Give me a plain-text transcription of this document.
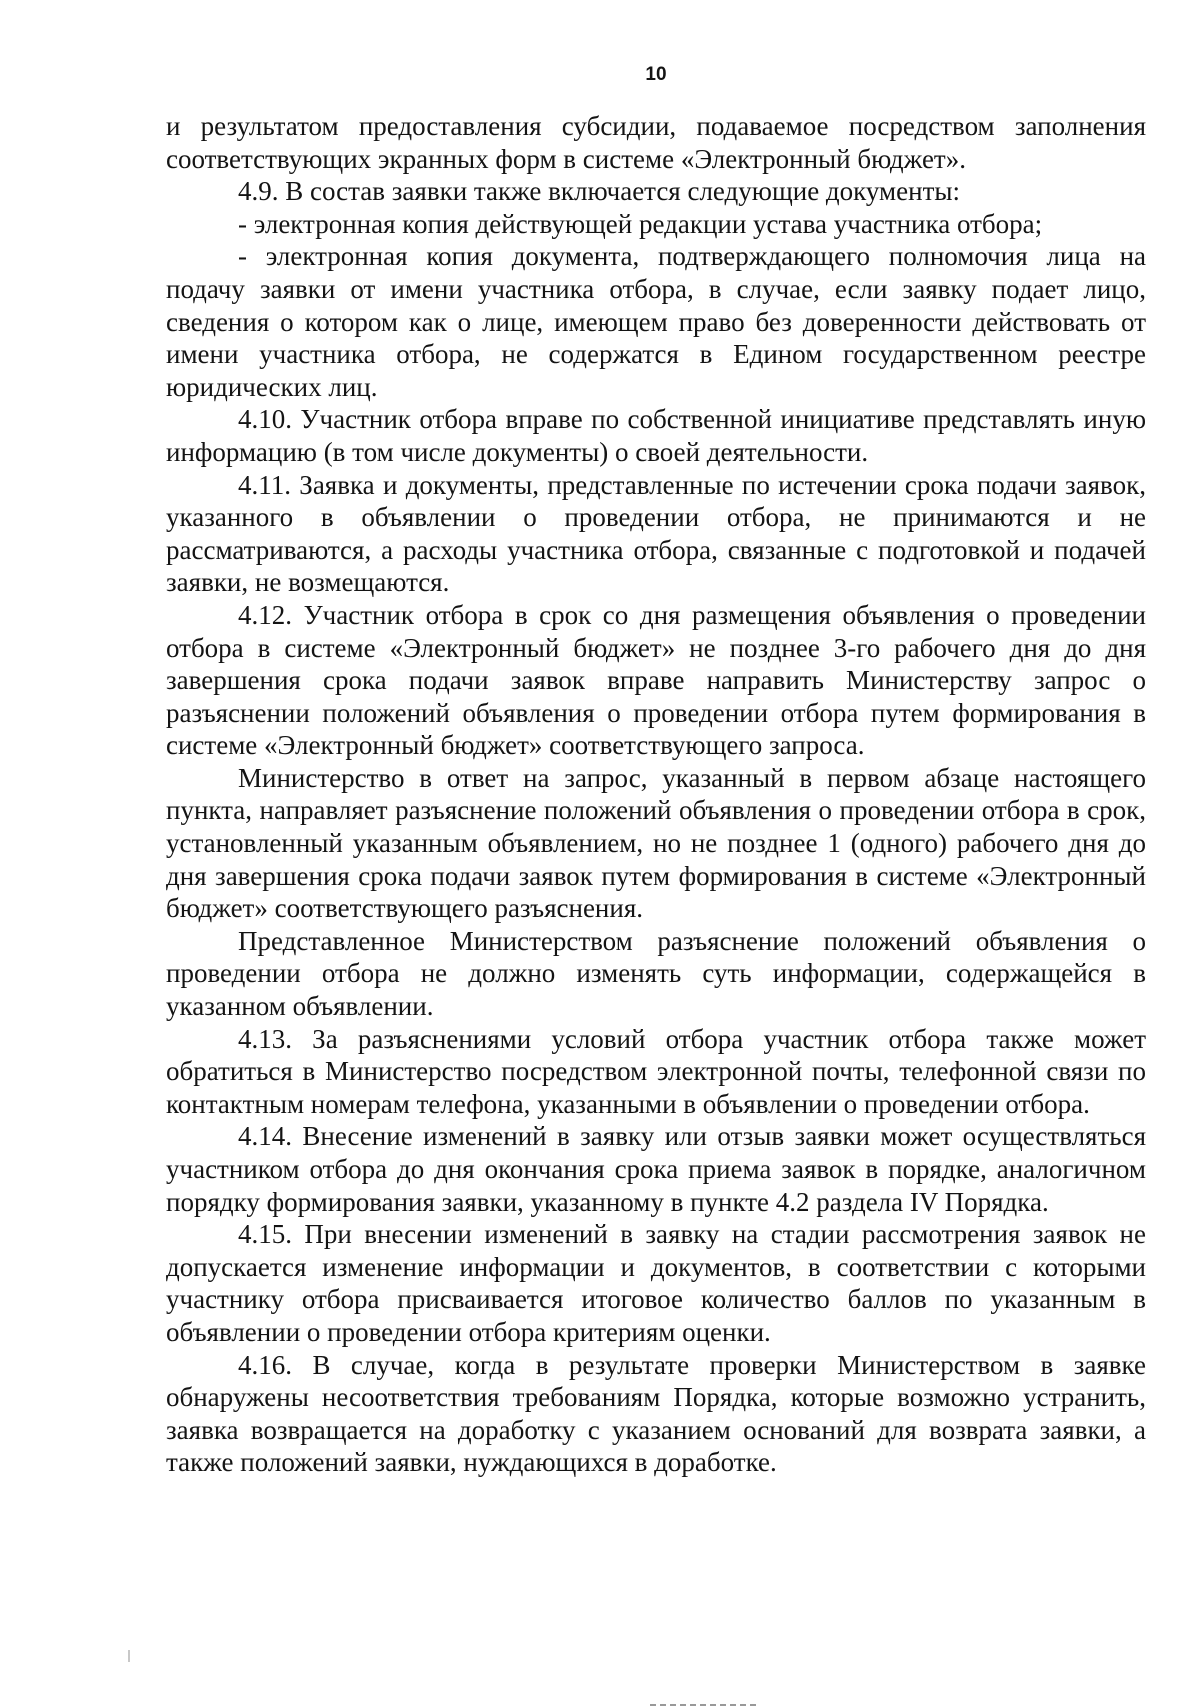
10

и результатом предоставления субсидии, подаваемое посредством заполнения соответствующих экранных форм в системе «Электронный бюджет».

4.9. В состав заявки также включается следующие документы:

- электронная копия действующей редакции устава участника отбора;

- электронная копия документа, подтверждающего полномочия лица на подачу заявки от имени участника отбора, в случае, если заявку подает лицо, сведения о котором как о лице, имеющем право без доверенности действовать от имени участника отбора, не содержатся в Едином государственном реестре юридических лиц.

4.10. Участник отбора вправе по собственной инициативе представлять иную информацию (в том числе документы) о своей деятельности.

4.11. Заявка и документы, представленные по истечении срока подачи заявок, указанного в объявлении о проведении отбора, не принимаются и не рассматриваются, а расходы участника отбора, связанные с подготовкой и подачей заявки, не возмещаются.

4.12. Участник отбора в срок со дня размещения объявления о проведении отбора в системе «Электронный бюджет» не позднее 3-го рабочего дня до дня завершения срока подачи заявок вправе направить Министерству запрос о разъяснении положений объявления о проведении отбора путем формирования в системе «Электронный бюджет» соответствующего запроса.

Министерство в ответ на запрос, указанный в первом абзаце настоящего пункта, направляет разъяснение положений объявления о проведении отбора в срок, установленный указанным объявлением, но не позднее 1 (одного) рабочего дня до дня завершения срока подачи заявок путем формирования в системе «Электронный бюджет» соответствующего разъяснения.

Представленное Министерством разъяснение положений объявления о проведении отбора не должно изменять суть информации, содержащейся в указанном объявлении.

4.13. За разъяснениями условий отбора участник отбора также может обратиться в Министерство посредством электронной почты, телефонной связи по контактным номерам телефона, указанными в объявлении о проведении отбора.

4.14. Внесение изменений в заявку или отзыв заявки может осуществляться участником отбора до дня окончания срока приема заявок в порядке, аналогичном порядку формирования заявки, указанному в пункте 4.2 раздела IV Порядка.

4.15. При внесении изменений в заявку на стадии рассмотрения заявок не допускается изменение информации и документов, в соответствии с которыми участнику отбора присваивается итоговое количество баллов по указанным в объявлении о проведении отбора критериям оценки.

4.16. В случае, когда в результате проверки Министерством в заявке обнаружены несоответствия требованиям Порядка, которые возможно устранить, заявка возвращается на доработку с указанием оснований для возврата заявки, а также положений заявки, нуждающихся в доработке.
